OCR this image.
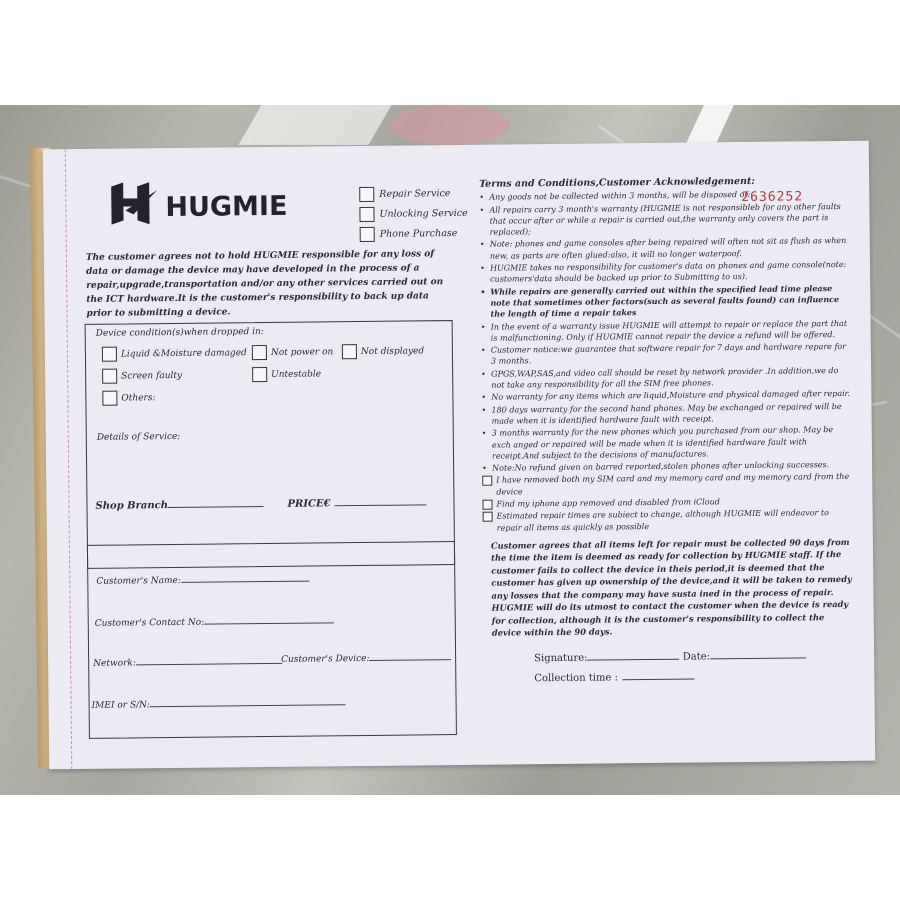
HUGMIE	Repair Service
Unlocking Service
Phone Purchase
The customer agrees not to hold HUGMIE responsible for any loss of data or damage the device may have developed in the process of a repair,upgrade,transportation and/or any other services carried out on the ICT hardware.It is the customer's responsibility to back up data prior to submitting a device.
Device condition(s)when dropped in:
Liquid &Moisture damaged	Not power on	Not displayed
Screen faulty	Untestable
Others:
Details of Service:
Shop Branch	PRICE€
Customer's Name:
Customer's Contact No:
Network:	Customer's Device:
IMEI or S/N:
Terms and Conditions,Customer Acknowledgement:
• Any goods not be collected within 3 months, will be disposed of:
• All repairs carry 3 month's warranty (HUGMIE is not responsibleb for any other faults that occur after or while a repair is carried out,the warranty only covers the part is replaced);
• Note: phones and game consoles after being repaired will often not sit as flush as when new, as parts are often glued:also, it will no longer waterpoof.
• HUGMIE takes no responsibility for customer's data on phones and game console(note: customers'data should be backed up prior to Submitting to us).
• While repairs are generally carried out within the specified lead time please note that sometimes other factors(such as several faults found) can influence the length of time a repair takes
• In the event of a warranty issue HUGMIE will attempt to repair or replace the part that is malfunctioning. Only if HUGMIE cannot repair the device a refund will be offered.
• Customer notice:we guarantee that software repair for 7 days and hardware repare for 3 months.
• GPGS,WAP,SAS,and video call should be reset by network provider .In addition,we do not take any responsibility for all the SIM free phones.
• No warranty for any items which are liquid,Moisture and physical damaged after repair.
• 180 days warranty for the second hand phones. May be exchanged or repaired will be made when it is identified hardware fault with receipt.
• 3 months warranty for the new phones which you purchased from our shop. May be exch anged or repaired will be made when it is identified hardware fault with receipt.And subject to the decisions of manufactures.
• Note:No refund given on barred reported,stolen phones after unlocking successes.
I have removed both my SIM card and my memory card and my memory card from the device
Find my iphone app removed and disabled from iCloud
Estimated repair times are subiect to change, although HUGMIE will endeavor to repair all items as quickly as possible
Customer agrees that all items left for repair must be collected 90 days from the time the item is deemed as ready for collection by HUGMIE staff. If the customer fails to collect the device in theis period,it is deemed that the customer has given up ownership of the device,and it will be taken to remedy any losses that the company may have susta ined in the process of repair. HUGMIE will do its utmost to contact the customer when the device is ready for collection, although it is the customer's responsibility to collect the device within the 90 days.
Signature:	Date:
Collection time :
2636252
